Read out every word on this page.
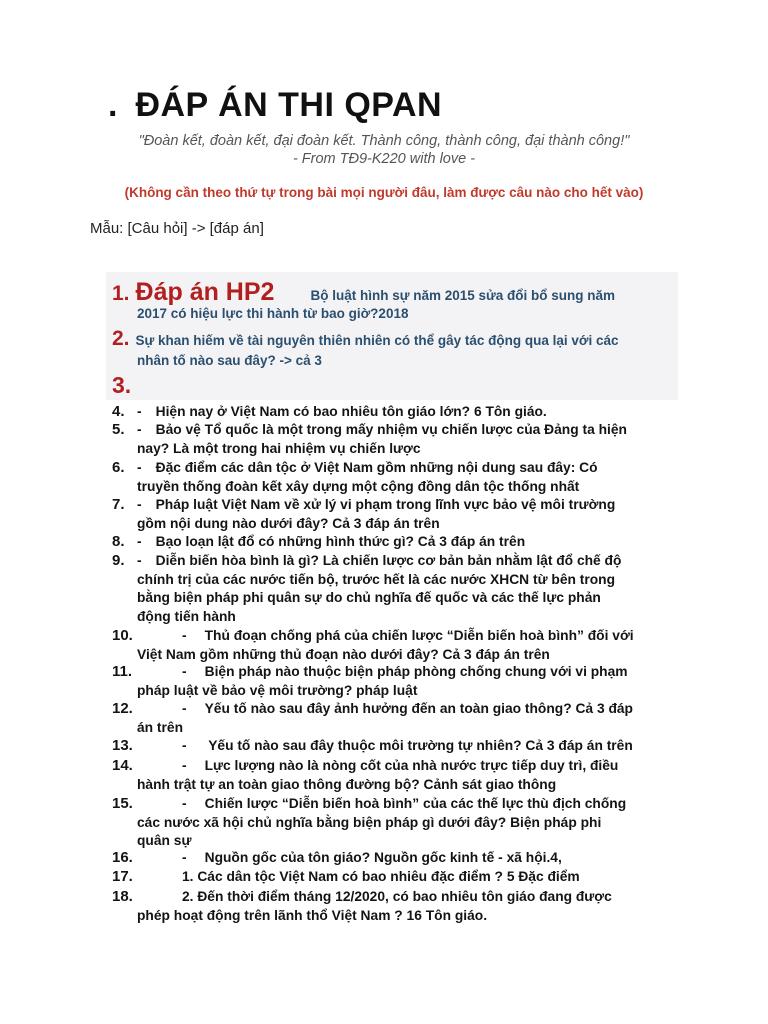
. ĐÁP ÁN THI QPAN
"Đoàn kết, đoàn kết, đại đoàn kết. Thành công, thành công, đại thành công!"
- From TĐ9-K220 with love -
(Không cần theo thứ tự trong bài mọi người đâu, làm được câu nào cho hết vào)
Mẫu: [Câu hỏi] -> [đáp án]
1. Đáp án HP2	Bộ luật hình sự năm 2015 sửa đổi bổ sung năm
2017 có hiệu lực thi hành từ bao giờ?2018
2. Sự khan hiếm về tài nguyên thiên nhiên có thể gây tác động qua lại với các
nhân tố nào sau đây? -> cả 3
3.
4. - Hiện nay ở Việt Nam có bao nhiêu tôn giáo lớn? 6 Tôn giáo.
5. - Bảo vệ Tổ quốc là một trong mấy nhiệm vụ chiến lược của Đảng ta hiện
nay? Là một trong hai nhiệm vụ chiến lược
6. - Đặc điểm các dân tộc ở Việt Nam gồm những nội dung sau đây: Có
truyền thống đoàn kết xây dựng một cộng đồng dân tộc thống nhất
7. - Pháp luật Việt Nam về xử lý vi phạm trong lĩnh vực bảo vệ môi trường
gồm nội dung nào dưới đây? Cả 3 đáp án trên
8. - Bạo loạn lật đổ có những hình thức gì? Cả 3 đáp án trên
9. - Diễn biến hòa bình là gì? Là chiến lược cơ bản bản nhằm lật đổ chế độ
chính trị của các nước tiến bộ, trước hết là các nước XHCN từ bên trong
bằng biện pháp phi quân sự do chủ nghĩa đế quốc và các thế lực phản
động tiến hành
10.	- Thủ đoạn chống phá của chiến lược “Diễn biến hoà bình” đối với
Việt Nam gồm những thủ đoạn nào dưới đây? Cả 3 đáp án trên
11.	- Biện pháp nào thuộc biện pháp phòng chống chung với vi phạm
pháp luật về bảo vệ môi trường? pháp luật
12.	- Yếu tố nào sau đây ảnh hưởng đến an toàn giao thông? Cả 3 đáp
án trên
13.	- Yếu tố nào sau đây thuộc môi trường tự nhiên? Cả 3 đáp án trên
14.	- Lực lượng nào là nòng cốt của nhà nước trực tiếp duy trì, điều
hành trật tự an toàn giao thông đường bộ? Cảnh sát giao thông
15.	- Chiến lược “Diễn biến hoà bình” của các thế lực thù địch chống
các nước xã hội chủ nghĩa bằng biện pháp gì dưới đây? Biện pháp phi
quân sự
16.	- Nguồn gốc của tôn giáo? Nguồn gốc kinh tế - xã hội.4,
17.	1. Các dân tộc Việt Nam có bao nhiêu đặc điểm ? 5 Đặc điểm
18.	2. Đến thời điểm tháng 12/2020, có bao nhiêu tôn giáo đang được
phép hoạt động trên lãnh thổ Việt Nam ? 16 Tôn giáo.
